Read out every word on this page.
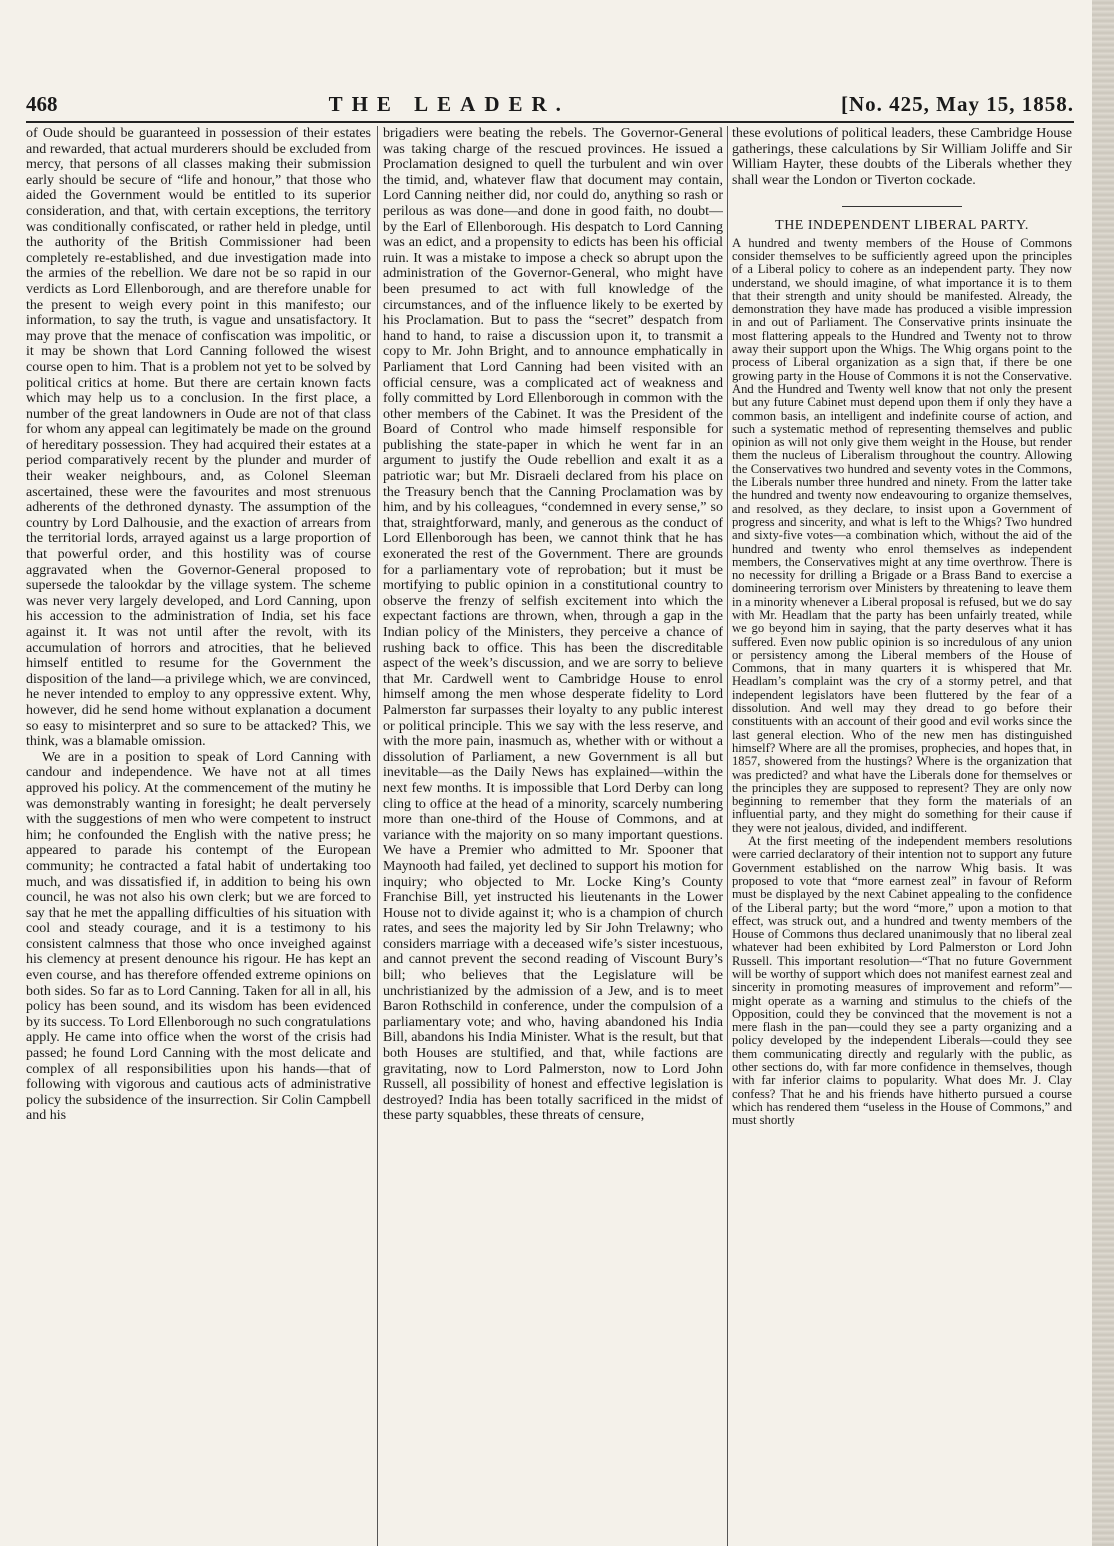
468	THE LEADER.	[No. 425, May 15, 1858.

of Oude should be guaranteed in possession of their estates and rewarded, that actual murderers should be excluded from mercy, that persons of all classes making their submission early should be secure of “life and honour,” that those who aided the Government would be entitled to its superior consideration, and that, with certain exceptions, the territory was conditionally confiscated, or rather held in pledge, until the authority of the British Commissioner had been completely re-established, and due investigation made into the armies of the rebellion. We dare not be so rapid in our verdicts as Lord Ellenborough, and are therefore unable for the present to weigh every point in this manifesto; our information, to say the truth, is vague and unsatisfactory. It may prove that the menace of confiscation was impolitic, or it may be shown that Lord Canning followed the wisest course open to him. That is a problem not yet to be solved by political critics at home. But there are certain known facts which may help us to a conclusion. In the first place, a number of the great landowners in Oude are not of that class for whom any appeal can legitimately be made on the ground of hereditary possession. They had acquired their estates at a period comparatively recent by the plunder and murder of their weaker neighbours, and, as Colonel Sleeman ascertained, these were the favourites and most strenuous adherents of the dethroned dynasty. The assumption of the country by Lord Dalhousie, and the exaction of arrears from the territorial lords, arrayed against us a large proportion of that powerful order, and this hostility was of course aggravated when the Governor-General proposed to supersede the talookdar by the village system. The scheme was never very largely developed, and Lord Canning, upon his accession to the administration of India, set his face against it. It was not until after the revolt, with its accumulation of horrors and atrocities, that he believed himself entitled to resume for the Government the disposition of the land—a privilege which, we are convinced, he never intended to employ to any oppressive extent. Why, however, did he send home without explanation a document so easy to misinterpret and so sure to be attacked? This, we think, was a blamable omission.

We are in a position to speak of Lord Canning with candour and independence. We have not at all times approved his policy. At the commencement of the mutiny he was demonstrably wanting in foresight; he dealt perversely with the suggestions of men who were competent to instruct him; he confounded the English with the native press; he appeared to parade his contempt of the European community; he contracted a fatal habit of undertaking too much, and was dissatisfied if, in addition to being his own council, he was not also his own clerk; but we are forced to say that he met the appalling difficulties of his situation with cool and steady courage, and it is a testimony to his consistent calmness that those who once inveighed against his clemency at present denounce his rigour. He has kept an even course, and has therefore offended extreme opinions on both sides. So far as to Lord Canning. Taken for all in all, his policy has been sound, and its wisdom has been evidenced by its success. To Lord Ellenborough no such congratulations apply. He came into office when the worst of the crisis had passed; he found Lord Canning with the most delicate and complex of all responsibilities upon his hands—that of following with vigorous and cautious acts of administrative policy the subsidence of the insurrection. Sir Colin Campbell and his

brigadiers were beating the rebels. The Governor-General was taking charge of the rescued provinces. He issued a Proclamation designed to quell the turbulent and win over the timid, and, whatever flaw that document may contain, Lord Canning neither did, nor could do, anything so rash or perilous as was done—and done in good faith, no doubt—by the Earl of Ellenborough. His despatch to Lord Canning was an edict, and a propensity to edicts has been his official ruin. It was a mistake to impose a check so abrupt upon the administration of the Governor-General, who might have been presumed to act with full knowledge of the circumstances, and of the influence likely to be exerted by his Proclamation. But to pass the “secret” despatch from hand to hand, to raise a discussion upon it, to transmit a copy to Mr. John Bright, and to announce emphatically in Parliament that Lord Canning had been visited with an official censure, was a complicated act of weakness and folly committed by Lord Ellenborough in common with the other members of the Cabinet. It was the President of the Board of Control who made himself responsible for publishing the state-paper in which he went far in an argument to justify the Oude rebellion and exalt it as a patriotic war; but Mr. Disraeli declared from his place on the Treasury bench that the Canning Proclamation was by him, and by his colleagues, “condemned in every sense,” so that, straightforward, manly, and generous as the conduct of Lord Ellenborough has been, we cannot think that he has exonerated the rest of the Government. There are grounds for a parliamentary vote of reprobation; but it must be mortifying to public opinion in a constitutional country to observe the frenzy of selfish excitement into which the expectant factions are thrown, when, through a gap in the Indian policy of the Ministers, they perceive a chance of rushing back to office. This has been the discreditable aspect of the week’s discussion, and we are sorry to believe that Mr. Cardwell went to Cambridge House to enrol himself among the men whose desperate fidelity to Lord Palmerston far surpasses their loyalty to any public interest or political principle. This we say with the less reserve, and with the more pain, inasmuch as, whether with or without a dissolution of Parliament, a new Government is all but inevitable—as the Daily News has explained—within the next few months. It is impossible that Lord Derby can long cling to office at the head of a minority, scarcely numbering more than one-third of the House of Commons, and at variance with the majority on so many important questions. We have a Premier who admitted to Mr. Spooner that Maynooth had failed, yet declined to support his motion for inquiry; who objected to Mr. Locke King’s County Franchise Bill, yet instructed his lieutenants in the Lower House not to divide against it; who is a champion of church rates, and sees the majority led by Sir John Trelawny; who considers marriage with a deceased wife’s sister incestuous, and cannot prevent the second reading of Viscount Bury’s bill; who believes that the Legislature will be unchristianized by the admission of a Jew, and is to meet Baron Rothschild in conference, under the compulsion of a parliamentary vote; and who, having abandoned his India Bill, abandons his India Minister. What is the result, but that both Houses are stultified, and that, while factions are gravitating, now to Lord Palmerston, now to Lord John Russell, all possibility of honest and effective legislation is destroyed? India has been totally sacrificed in the midst of these party squabbles, these threats of censure,

these evolutions of political leaders, these Cambridge House gatherings, these calculations by Sir William Joliffe and Sir William Hayter, these doubts of the Liberals whether they shall wear the London or Tiverton cockade.

THE INDEPENDENT LIBERAL PARTY.

A hundred and twenty members of the House of Commons consider themselves to be sufficiently agreed upon the principles of a Liberal policy to cohere as an independent party. They now understand, we should imagine, of what importance it is to them that their strength and unity should be manifested. Already, the demonstration they have made has produced a visible impression in and out of Parliament. The Conservative prints insinuate the most flattering appeals to the Hundred and Twenty not to throw away their support upon the Whigs. The Whig organs point to the process of Liberal organization as a sign that, if there be one growing party in the House of Commons it is not the Conservative. And the Hundred and Twenty well know that not only the present but any future Cabinet must depend upon them if only they have a common basis, an intelligent and indefinite course of action, and such a systematic method of representing themselves and public opinion as will not only give them weight in the House, but render them the nucleus of Liberalism throughout the country. Allowing the Conservatives two hundred and seventy votes in the Commons, the Liberals number three hundred and ninety. From the latter take the hundred and twenty now endeavouring to organize themselves, and resolved, as they declare, to insist upon a Government of progress and sincerity, and what is left to the Whigs? Two hundred and sixty-five votes—a combination which, without the aid of the hundred and twenty who enrol themselves as independent members, the Conservatives might at any time overthrow. There is no necessity for drilling a Brigade or a Brass Band to exercise a domineering terrorism over Ministers by threatening to leave them in a minority whenever a Liberal proposal is refused, but we do say with Mr. Headlam that the party has been unfairly treated, while we go beyond him in saying, that the party deserves what it has suffered. Even now public opinion is so incredulous of any union or persistency among the Liberal members of the House of Commons, that in many quarters it is whispered that Mr. Headlam’s complaint was the cry of a stormy petrel, and that independent legislators have been fluttered by the fear of a dissolution. And well may they dread to go before their constituents with an account of their good and evil works since the last general election. Who of the new men has distinguished himself? Where are all the promises, prophecies, and hopes that, in 1857, showered from the hustings? Where is the organization that was predicted? and what have the Liberals done for themselves or the principles they are supposed to represent? They are only now beginning to remember that they form the materials of an influential party, and they might do something for their cause if they were not jealous, divided, and indifferent.

At the first meeting of the independent members resolutions were carried declaratory of their intention not to support any future Government established on the narrow Whig basis. It was proposed to vote that “more earnest zeal” in favour of Reform must be displayed by the next Cabinet appealing to the confidence of the Liberal party; but the word “more,” upon a motion to that effect, was struck out, and a hundred and twenty members of the House of Commons thus declared unanimously that no liberal zeal whatever had been exhibited by Lord Palmerston or Lord John Russell. This important resolution—“That no future Government will be worthy of support which does not manifest earnest zeal and sincerity in promoting measures of improvement and reform”—might operate as a warning and stimulus to the chiefs of the Opposition, could they be convinced that the movement is not a mere flash in the pan—could they see a party organizing and a policy developed by the independent Liberals—could they see them communicating directly and regularly with the public, as other sections do, with far more confidence in themselves, though with far inferior claims to popularity. What does Mr. J. Clay confess? That he and his friends have hitherto pursued a course which has rendered them “useless in the House of Commons,” and must shortly
